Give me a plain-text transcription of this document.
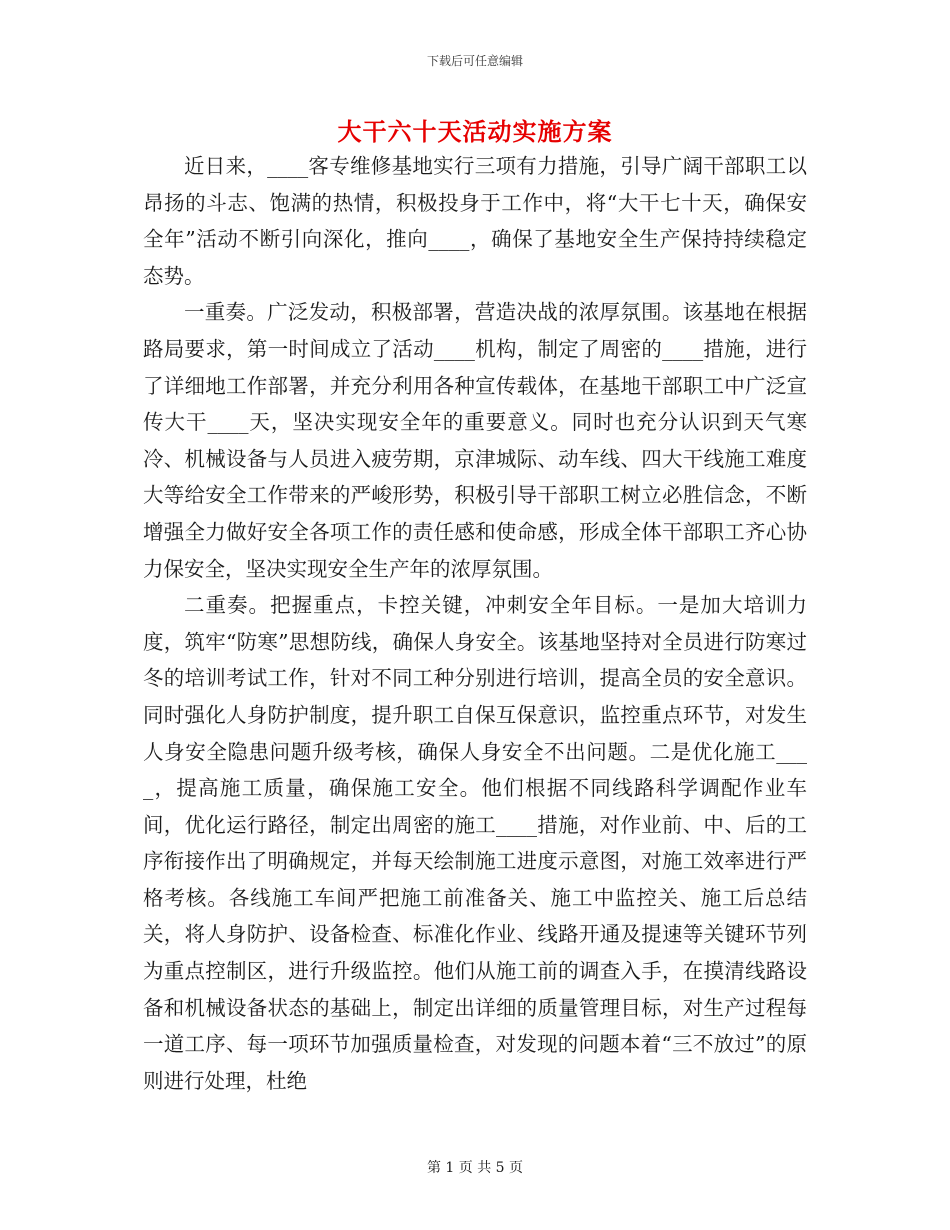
下载后可任意编辑
大干六十天活动实施方案

近日来，____客专维修基地实行三项有力措施，引导广阔干部职工以昂扬的斗志、饱满的热情，积极投身于工作中，将“大干七十天，确保安全年”活动不断引向深化，推向____，确保了基地安全生产保持持续稳定态势。

一重奏。广泛发动，积极部署，营造决战的浓厚氛围。该基地在根据路局要求，第一时间成立了活动____机构，制定了周密的____措施，进行了详细地工作部署，并充分利用各种宣传载体，在基地干部职工中广泛宣传大干____天，坚决实现安全年的重要意义。同时也充分认识到天气寒冷、机械设备与人员进入疲劳期，京津城际、动车线、四大干线施工难度大等给安全工作带来的严峻形势，积极引导干部职工树立必胜信念，不断增强全力做好安全各项工作的责任感和使命感，形成全体干部职工齐心协力保安全，坚决实现安全生产年的浓厚氛围。

二重奏。把握重点，卡控关键，冲刺安全年目标。一是加大培训力度，筑牢“防寒”思想防线，确保人身安全。该基地坚持对全员进行防寒过冬的培训考试工作，针对不同工种分别进行培训，提高全员的安全意识。同时强化人身防护制度，提升职工自保互保意识，监控重点环节，对发生人身安全隐患问题升级考核，确保人身安全不出问题。二是优化施工____，提高施工质量，确保施工安全。他们根据不同线路科学调配作业车间，优化运行路径，制定出周密的施工____措施，对作业前、中、后的工序衔接作出了明确规定，并每天绘制施工进度示意图，对施工效率进行严格考核。各线施工车间严把施工前准备关、施工中监控关、施工后总结关，将人身防护、设备检查、标准化作业、线路开通及提速等关键环节列为重点控制区，进行升级监控。他们从施工前的调查入手，在摸清线路设备和机械设备状态的基础上，制定出详细的质量管理目标，对生产过程每一道工序、每一项环节加强质量检查，对发现的问题本着“三不放过”的原则进行处理，杜绝

第 1 页 共 5 页
